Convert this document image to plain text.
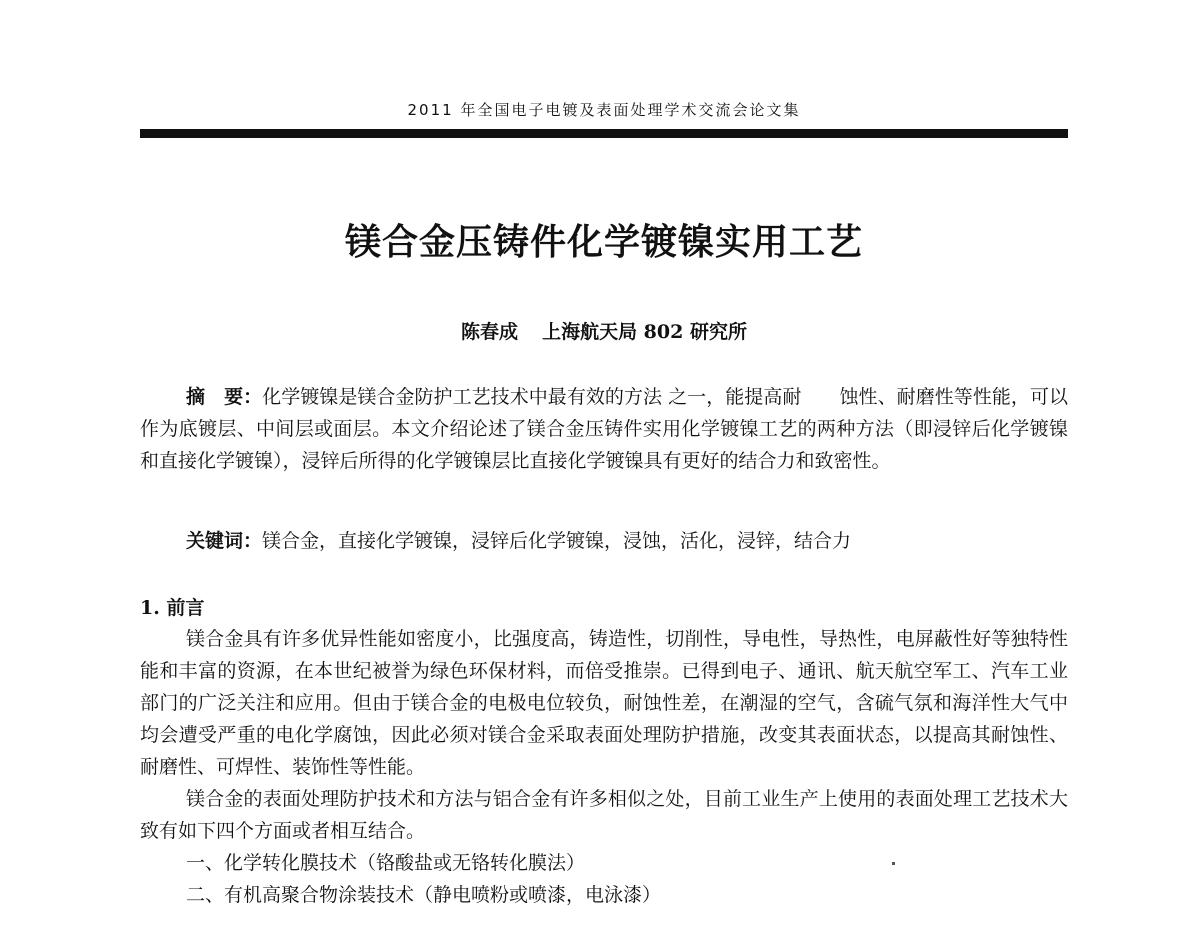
2011 年全国电子电镀及表面处理学术交流会论文集
镁合金压铸件化学镀镍实用工艺
陈春成 上海航天局 802 研究所

摘　要：化学镀镍是镁合金防护工艺技术中最有效的方法 之一，能提高耐　　蚀性、耐磨性等性能，可以作为底镀层、中间层或面层。本文介绍论述了镁合金压铸件实用化学镀镍工艺的两种方法（即浸锌后化学镀镍和直接化学镀镍），浸锌后所得的化学镀镍层比直接化学镀镍具有更好的结合力和致密性。

关键词：镁合金，直接化学镀镍，浸锌后化学镀镍，浸蚀，活化，浸锌，结合力

1. 前言

镁合金具有许多优异性能如密度小，比强度高，铸造性，切削性，导电性，导热性，电屏蔽性好等独特性能和丰富的资源，在本世纪被誉为绿色环保材料，而倍受推崇。已得到电子、通讯、航天航空军工、汽车工业部门的广泛关注和应用。但由于镁合金的电极电位较负，耐蚀性差，在潮湿的空气，含硫气氛和海洋性大气中均会遭受严重的电化学腐蚀，因此必须对镁合金采取表面处理防护措施，改变其表面状态，以提高其耐蚀性、耐磨性、可焊性、装饰性等性能。

镁合金的表面处理防护技术和方法与铝合金有许多相似之处，目前工业生产上使用的表面处理工艺技术大致有如下四个方面或者相互结合。

一、化学转化膜技术（铬酸盐或无铬转化膜法）

二、有机高聚合物涂装技术（静电喷粉或喷漆，电泳漆）
